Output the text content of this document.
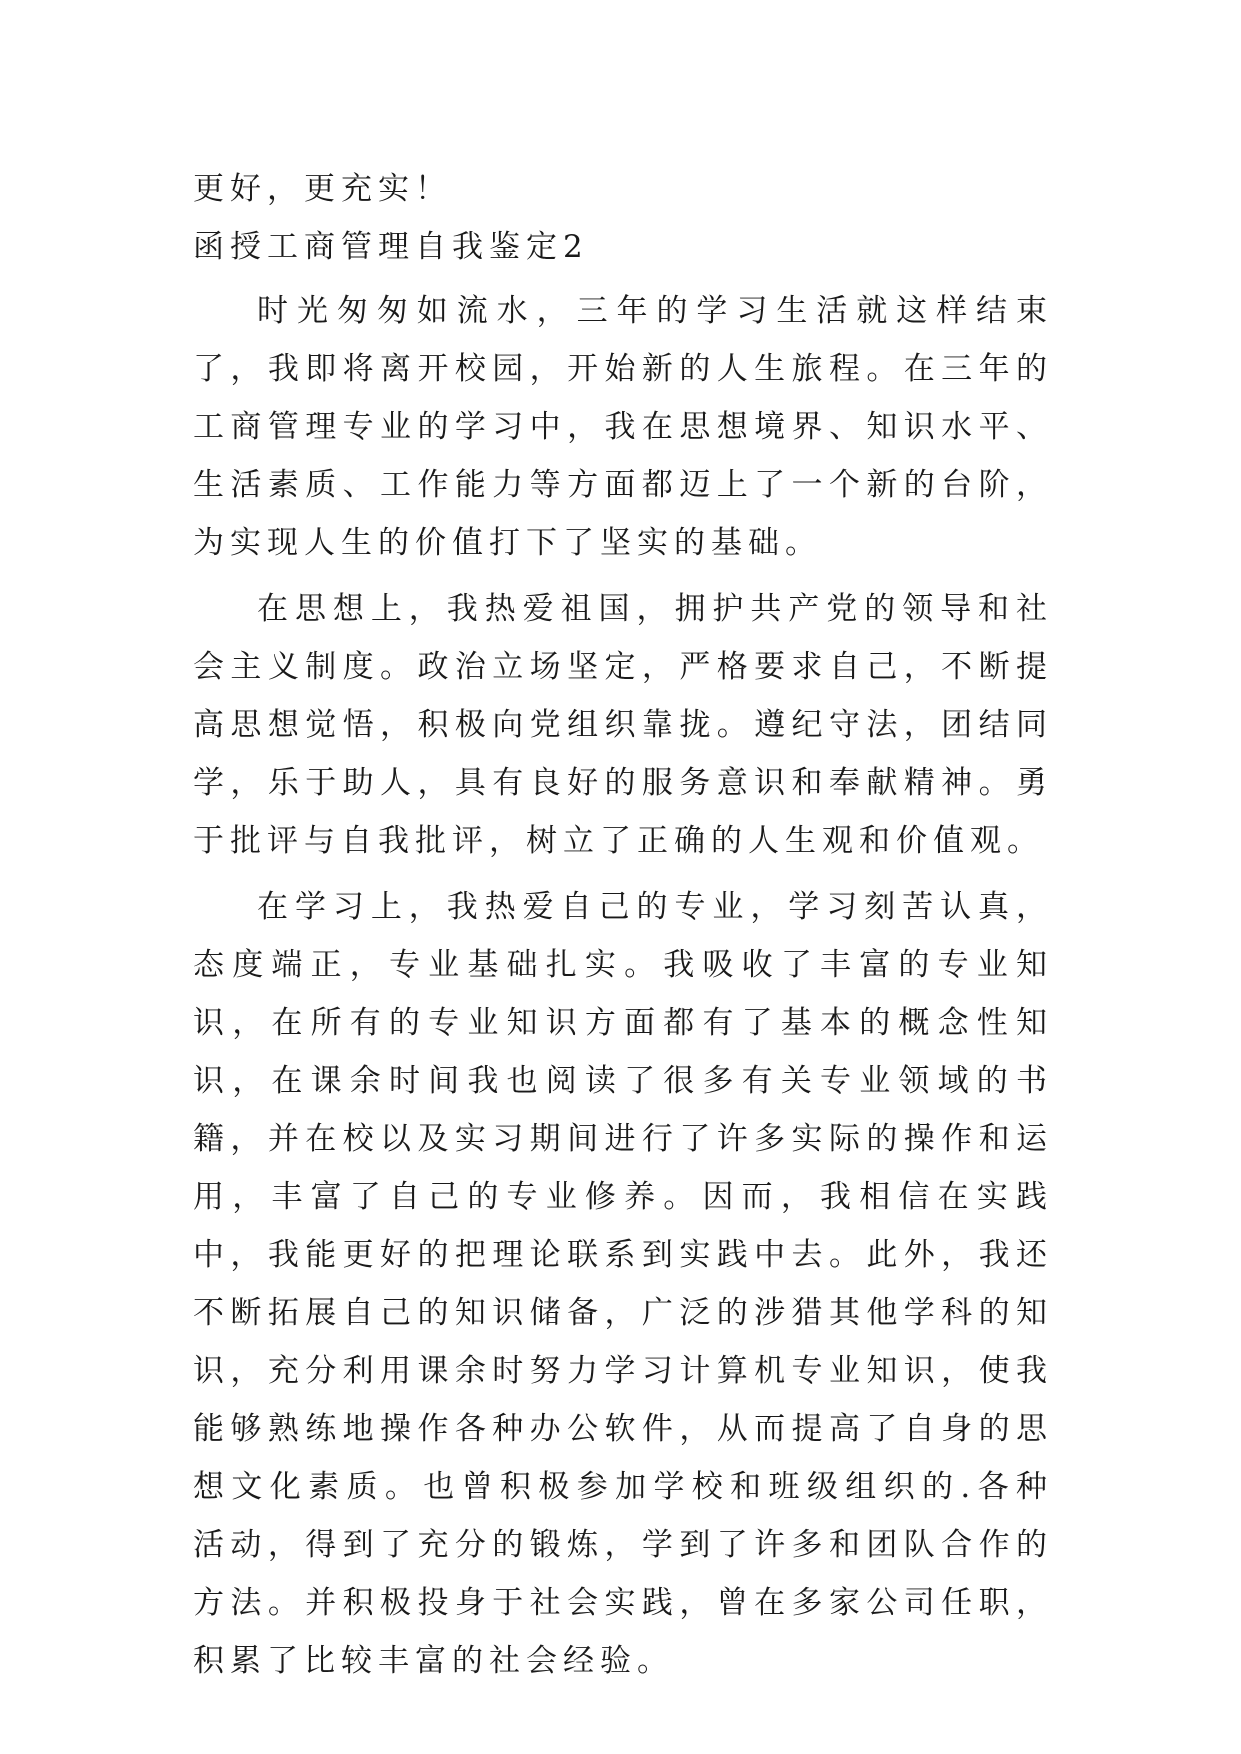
更好，更充实！

函授工商管理自我鉴定2

时光匆匆如流水，三年的学习生活就这样结束了，我即将离开校园，开始新的人生旅程。在三年的工商管理专业的学习中，我在思想境界、知识水平、生活素质、工作能力等方面都迈上了一个新的台阶，为实现人生的价值打下了坚实的基础。

在思想上，我热爱祖国，拥护共产党的领导和社会主义制度。政治立场坚定，严格要求自己，不断提高思想觉悟，积极向党组织靠拢。遵纪守法，团结同学，乐于助人，具有良好的服务意识和奉献精神。勇于批评与自我批评，树立了正确的人生观和价值观。

在学习上，我热爱自己的专业，学习刻苦认真，态度端正，专业基础扎实。我吸收了丰富的专业知识，在所有的专业知识方面都有了基本的概念性知识，在课余时间我也阅读了很多有关专业领域的书籍，并在校以及实习期间进行了许多实际的操作和运用，丰富了自己的专业修养。因而，我相信在实践中，我能更好的把理论联系到实践中去。此外，我还不断拓展自己的知识储备，广泛的涉猎其他学科的知识，充分利用课余时努力学习计算机专业知识，使我能够熟练地操作各种办公软件，从而提高了自身的思想文化素质。也曾积极参加学校和班级组织的.各种活动，得到了充分的锻炼，学到了许多和团队合作的方法。并积极投身于社会实践，曾在多家公司任职，积累了比较丰富的社会经验。
